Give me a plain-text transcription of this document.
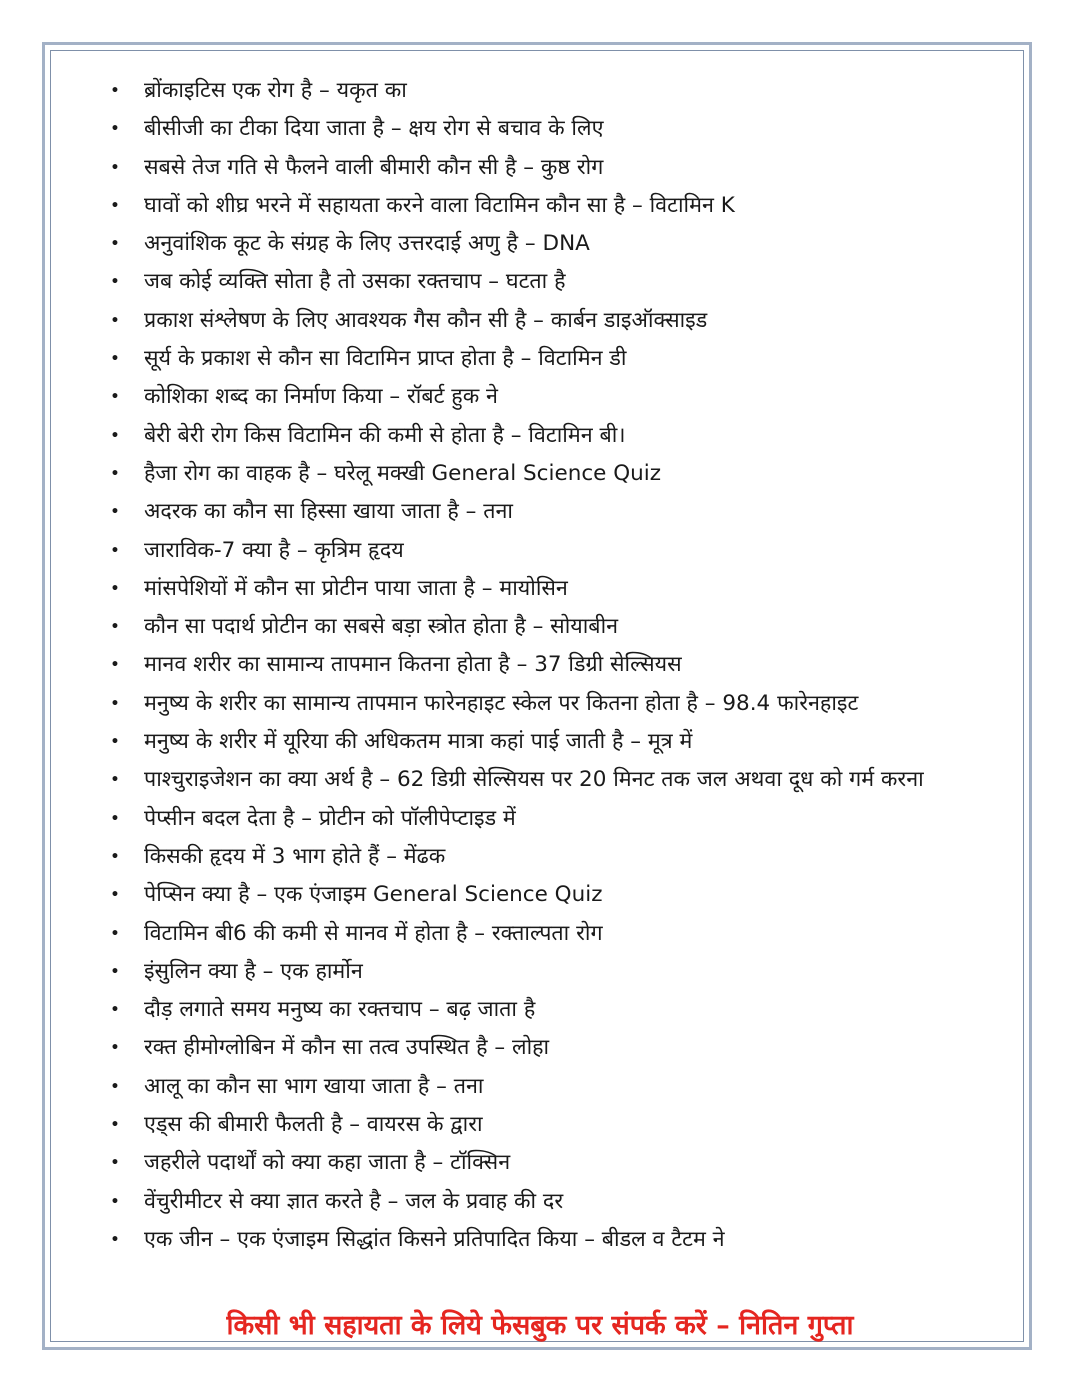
• ब्रोंकाइटिस एक रोग है – यकृत का
• बीसीजी का टीका दिया जाता है – क्षय रोग से बचाव के लिए
• सबसे तेज गति से फैलने वाली बीमारी कौन सी है – कुष्ठ रोग
• घावों को शीघ्र भरने में सहायता करने वाला विटामिन कौन सा है – विटामिन K
• अनुवांशिक कूट के संग्रह के लिए उत्तरदाई अणु है – DNA
• जब कोई व्यक्ति सोता है तो उसका रक्तचाप – घटता है
• प्रकाश संश्लेषण के लिए आवश्यक गैस कौन सी है – कार्बन डाइऑक्साइड
• सूर्य के प्रकाश से कौन सा विटामिन प्राप्त होता है – विटामिन डी
• कोशिका शब्द का निर्माण किया – रॉबर्ट हुक ने
• बेरी बेरी रोग किस विटामिन की कमी से होता है – विटामिन बी।
• हैजा रोग का वाहक है – घरेलू मक्खी General Science Quiz
• अदरक का कौन सा हिस्सा खाया जाता है – तना
• जाराविक-7 क्या है – कृत्रिम हृदय
• मांसपेशियों में कौन सा प्रोटीन पाया जाता है – मायोसिन
• कौन सा पदार्थ प्रोटीन का सबसे बड़ा स्त्रोत होता है – सोयाबीन
• मानव शरीर का सामान्य तापमान कितना होता है – 37 डिग्री सेल्सियस
• मनुष्य के शरीर का सामान्य तापमान फारेनहाइट स्केल पर कितना होता है – 98.4 फारेनहाइट
• मनुष्य के शरीर में यूरिया की अधिकतम मात्रा कहां पाई जाती है – मूत्र में
• पाश्चुराइजेशन का क्या अर्थ है – 62 डिग्री सेल्सियस पर 20 मिनट तक जल अथवा दूध को गर्म करना
• पेप्सीन बदल देता है – प्रोटीन को पॉलीपेप्टाइड में
• किसकी हृदय में 3 भाग होते हैं – मेंढक
• पेप्सिन क्या है – एक एंजाइम General Science Quiz
• विटामिन बी6 की कमी से मानव में होता है – रक्ताल्पता रोग
• इंसुलिन क्या है – एक हार्मोन
• दौड़ लगाते समय मनुष्य का रक्तचाप – बढ़ जाता है
• रक्त हीमोग्लोबिन में कौन सा तत्व उपस्थित है – लोहा
• आलू का कौन सा भाग खाया जाता है – तना
• एड्स की बीमारी फैलती है – वायरस के द्वारा
• जहरीले पदार्थों को क्या कहा जाता है – टॉक्सिन
• वेंचुरीमीटर से क्या ज्ञात करते है – जल के प्रवाह की दर
• एक जीन – एक एंजाइम सिद्धांत किसने प्रतिपादित किया – बीडल व टैटम ने
किसी भी सहायता के लिये फेसबुक पर संपर्क करें – नितिन गुप्ता
